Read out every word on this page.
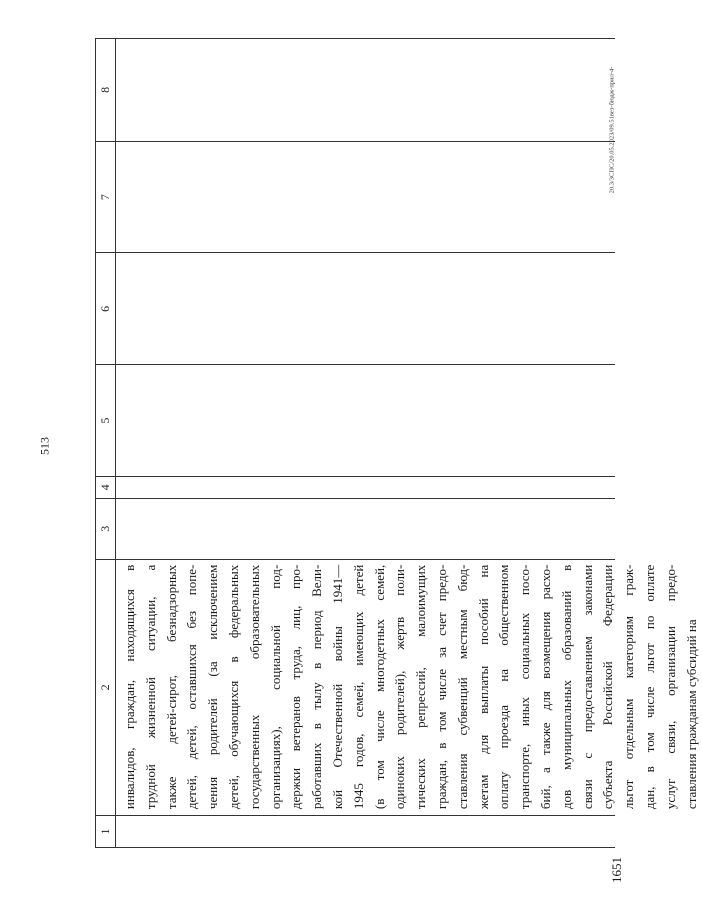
513
20.3/3СПС/20.05.2023/09.51вез-бюдж-прил-4-
1651
1
2
3
4
5
6
7
8
инвалидов, граждан, находящихся в трудной жизненной ситуации, а также детей-сирот, безнадзорных детей, детей, оставшихся без попе- чения родителей (за исключением детей, обучающихся в федеральных государственных образовательных организациях), социальной под- держки ветеранов труда, лиц, про- работавших в тылу в период Вели- кой Отечественной войны 1941— 1945 годов, семей, имеющих детей (в том числе многодетных семей, одиноких родителей), жертв поли- тических репрессий, малоимущих граждан, в том числе за счет предо- ставления субвенций местным бюд- жетам для выплаты пособий на оплату проезда на общественном транспорте, иных социальных посо- бий, а также для возмещения расхо- дов муниципальных образований в связи с предоставлением законами субъекта Российской Федерации льгот отдельным категориям граж- дан, в том числе льгот по оплате услуг связи, организации предо- ставления гражданам субсидий на
